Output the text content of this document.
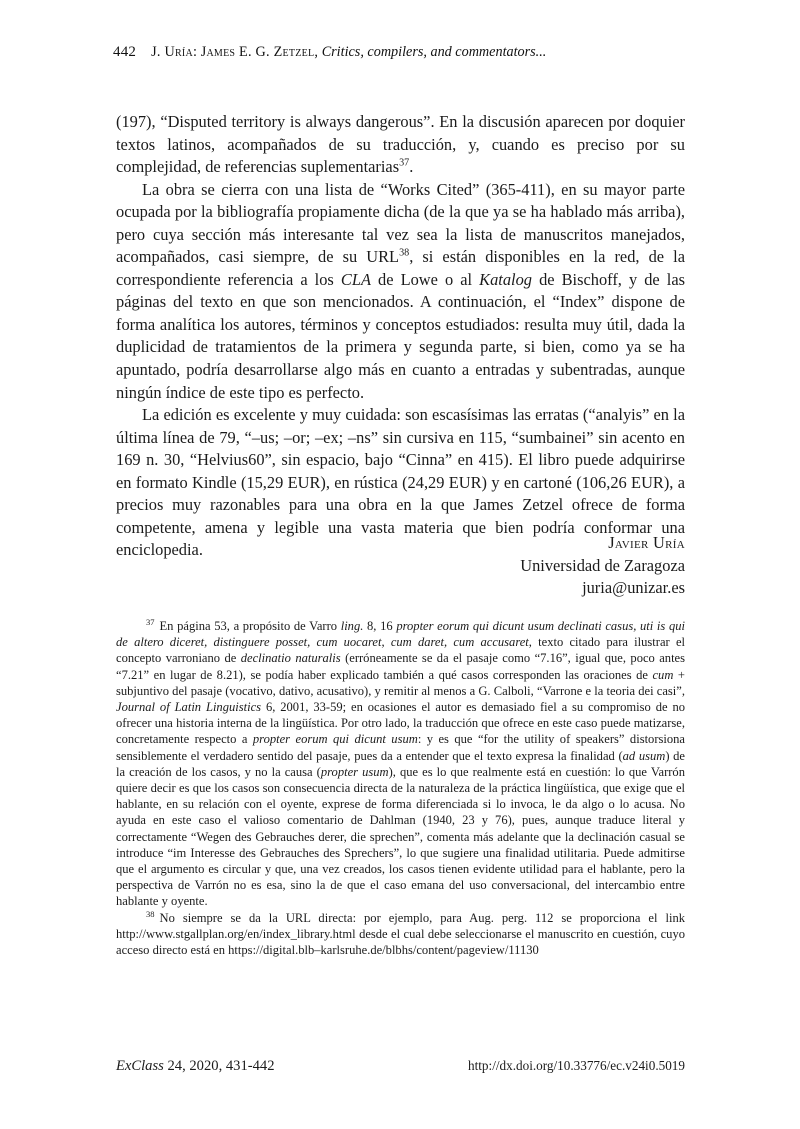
442 J. Uría: James E. G. Zetzel, Critics, compilers, and commentators...

(197), “Disputed territory is always dangerous”. En la discusión aparecen por doquier textos latinos, acompañados de su traducción, y, cuando es preciso por su complejidad, de referencias suplementarias$^{37}$.

La obra se cierra con una lista de “Works Cited” (365-411), en su mayor parte ocupada por la bibliografía propiamente dicha (de la que ya se ha hablado más arriba), pero cuya sección más interesante tal vez sea la lista de manuscritos manejados, acompañados, casi siempre, de su URL$^{38}$, si están disponibles en la red, de la correspondiente referencia a los CLA de Lowe o al Katalog de Bischoff, y de las páginas del texto en que son mencionados. A continuación, el “Index” dispone de forma analítica los autores, términos y conceptos estudiados: resulta muy útil, dada la duplicidad de tratamientos de la primera y segunda parte, si bien, como ya se ha apuntado, podría desarrollarse algo más en cuanto a entradas y subentradas, aunque ningún índice de este tipo es perfecto.

La edición es excelente y muy cuidada: son escasísimas las erratas (“analyis” en la última línea de 79, “–us; –or; –ex; –ns” sin cursiva en 115, “sumbainei” sin acento en 169 n. 30, “Helvius60”, sin espacio, bajo “Cinna” en 415). El libro puede adquirirse en formato Kindle (15,29 EUR), en rústica (24,29 EUR) y en cartoné (106,26 EUR), a precios muy razonables para una obra en la que James Zetzel ofrece de forma competente, amena y legible una vasta materia que bien podría conformar una enciclopedia.	Javier Uría
Universidad de Zaragoza
juria@unizar.es

$^{37}$ En página 53, a propósito de Varro ling. 8, 16 propter eorum qui dicunt usum declinati casus, uti is qui de altero diceret, distinguere posset, cum uocaret, cum daret, cum accusaret, texto citado para ilustrar el concepto varroniano de declinatio naturalis (erróneamente se da el pasaje como “7.16”, igual que, poco antes “7.21” en lugar de 8.21), se podía haber explicado también a qué casos corresponden las oraciones de cum + subjuntivo del pasaje (vocativo, dativo, acusativo), y remitir al menos a G. Calboli, “Varrone e la teoria dei casi”, Journal of Latin Linguistics 6, 2001, 33-59; en ocasiones el autor es demasiado fiel a su compromiso de no ofrecer una historia interna de la lingüística. Por otro lado, la traducción que ofrece en este caso puede matizarse, concretamente respecto a propter eorum qui dicunt usum: y es que “for the utility of speakers” distorsiona sensiblemente el verdadero sentido del pasaje, pues da a entender que el texto expresa la finalidad (ad usum) de la creación de los casos, y no la causa (propter usum), que es lo que realmente está en cuestión: lo que Varrón quiere decir es que los casos son consecuencia directa de la naturaleza de la práctica lingüística, que exige que el hablante, en su relación con el oyente, exprese de forma diferenciada si lo invoca, le da algo o lo acusa. No ayuda en este caso el valioso comentario de Dahlman (1940, 23 y 76), pues, aunque traduce literal y correctamente “Wegen des Gebrauches derer, die sprechen”, comenta más adelante que la declinación casual se introduce “im Interesse des Gebrauches des Sprechers”, lo que sugiere una finalidad utilitaria. Puede admitirse que el argumento es circular y que, una vez creados, los casos tienen evidente utilidad para el hablante, pero la perspectiva de Varrón no es esa, sino la de que el caso emana del uso conversacional, del intercambio entre hablante y oyente.

$^{38}$ No siempre se da la URL directa: por ejemplo, para Aug. perg. 112 se proporciona el link http://www.stgallplan.org/en/index_library.html desde el cual debe seleccionarse el manuscrito en cuestión, cuyo acceso directo está en https://digital.blb–karlsruhe.de/blbhs/content/pageview/11130

ExClass 24, 2020, 431-442	http://dx.doi.org/10.33776/ec.v24i0.5019
